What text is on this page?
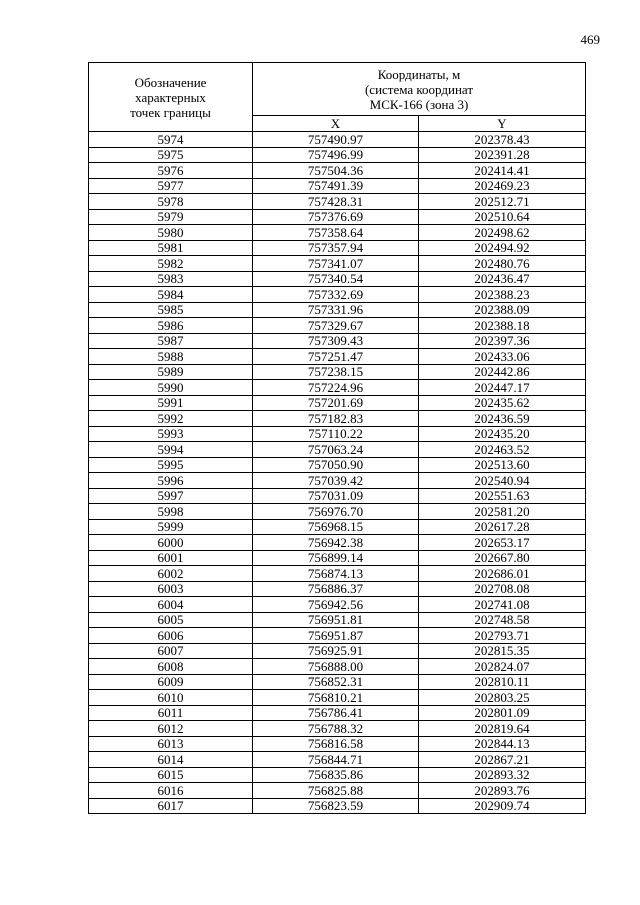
469
Обозначение
характерных
точек границы	Координаты, м
(система координат
МСК-166 (зона 3)	
	X	Y
5974	757490.97	202378.43
5975	757496.99	202391.28
5976	757504.36	202414.41
5977	757491.39	202469.23
5978	757428.31	202512.71
5979	757376.69	202510.64
5980	757358.64	202498.62
5981	757357.94	202494.92
5982	757341.07	202480.76
5983	757340.54	202436.47
5984	757332.69	202388.23
5985	757331.96	202388.09
5986	757329.67	202388.18
5987	757309.43	202397.36
5988	757251.47	202433.06
5989	757238.15	202442.86
5990	757224.96	202447.17
5991	757201.69	202435.62
5992	757182.83	202436.59
5993	757110.22	202435.20
5994	757063.24	202463.52
5995	757050.90	202513.60
5996	757039.42	202540.94
5997	757031.09	202551.63
5998	756976.70	202581.20
5999	756968.15	202617.28
6000	756942.38	202653.17
6001	756899.14	202667.80
6002	756874.13	202686.01
6003	756886.37	202708.08
6004	756942.56	202741.08
6005	756951.81	202748.58
6006	756951.87	202793.71
6007	756925.91	202815.35
6008	756888.00	202824.07
6009	756852.31	202810.11
6010	756810.21	202803.25
6011	756786.41	202801.09
6012	756788.32	202819.64
6013	756816.58	202844.13
6014	756844.71	202867.21
6015	756835.86	202893.32
6016	756825.88	202893.76
6017	756823.59	202909.74
